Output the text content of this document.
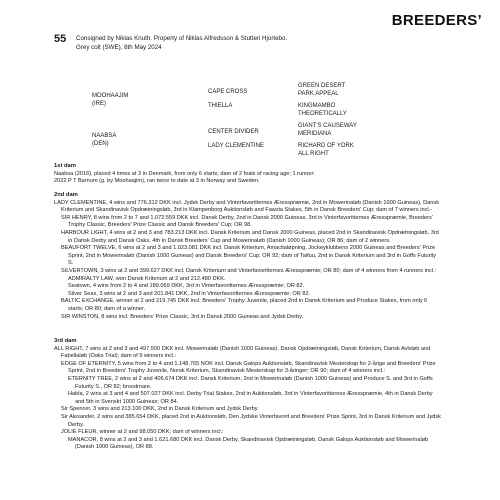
BREEDERS’
55 Consigned by Niklas Knuth. Property of Niklas Alfredsson & Stutteri Hjortebo.
Grey colt (SWE), 8th May 2024
MOOHAAJIM
(IRE)
NAABSA
(DEN)
CAPE CROSS
THIELLA
CENTER DIVIDER
LADY CLEMENTINE
GREEN DESERT
PARK APPEAL
KINGMAMBO
THEORETICALLY
GIANT'S CAUSEWAY
MERIDIANA
RICHARD OF YORK
ALL RIGHT
1st dam

Naabsa (2016), placed 4 times at 3 in Denmark, from only 6 starts; dam of 2 foals of racing age; 1 runner:

2022 P T Barnum (g. by Moohaajim), ran twice to date at 3 in Norway and Sweden.

2nd dam

LADY CLEMENTINE, 4 wins and 776.312 DKK incl. Jydsk Derby and Vinterfavoritternes Æresspræmie, 2nd in Mowerinaløb (Danish 1000 Guineas), Dansk Kriterium and Skandinavisk Opdrætningsløb, 3rd in Klampenborg Auktionsløb and Fawzia Stakes, 5th in Dansk Breeders' Cup; dam of 7 winners incl.-

SIR HENRY, 8 wins from 2 to 7 and 1.072.559 DKK incl. Dansk Derby, 2nd in Dansk 2000 Guineas, 3rd in Vinterfavoritternes Æresspræmie, Breeders' Trophy Classic, Breeders' Prize Classic and Dansk Breeders' Cup; OR 98.

HARBOUR LIGHT, 4 wins at 2 and 3 and 783.213 DKK incl. Dansk Kriterium and Dansk 2000 Guineas, placed 2nd in Skandinavisk Opdrætningsløb, 3rd in Dansk Derby and Dansk Oaks, 4th in Dansk Breeders' Cup and Mowerinaløb (Danish 1000 Guineas); OR 86; dam of 2 winners.

BEAUFORT TWELVE, 6 wins at 2 and 3 and 1.023.081 DKK incl. Dansk Kriterium, Amacitaløpning, Jockeyklubbens 2000 Guineas and Breeders' Prize Sprint, 2nd in Mowerinaløb (Danish 1000 Guineas) and Dansk Breeders' Cup; OR 92; dam of Taifuu, 2nd in Dansk Kriterium and 3rd in Goffs Futurity S.

SILVERTOWN, 3 wins at 2 and 399.627 DKK incl. Dansk Kriterium and Vinterfavoritternes Æresspræmie; OR 80; dam of 4 winners from 4 runners incl.:

ADMIRALTY LAW, won Dansk Kriterium at 2 and 212.480 DKK.

Seatown, 4 wins from 2 to 4 and 189.069 DKK, 3rd in Vinterfavoritternes Æresspræmie; OR 82.

Silver Seas, 3 wins at 2 and 3 and 201.841 DKK, 2nd in Vinterfavoritternes Æresspræmie; OR 82.

BALTIC EXCHANGE, winner at 2 and 219.745 DKK incl. Breeders' Trophy Juvenile, placed 2nd in Dansk Kriterium and Produce Stakes, from only 6 starts; OR 80; dam of a winner.

SIR WINSTON, 8 wins incl. Breeders' Prize Classic, 3rd in Dansk 2000 Guineas and Jydsk Derby.

3rd dam

ALL RIGHT, 7 wins at 2 and 3 and 497.500 DKK incl. Mowerinaløb (Danish 1000 Guineas), Dansk Opdrætningsløb, Dansk Kriterium, Dansk Avlsløb and Fabellaløb (Oaks Trial); dam of 9 winners incl.:

EDGE OF ETERNITY, 5 wins from 2 to 4 and 1.148.765 NOK incl. Dansk Galops Auktionsløb, Skandinavisk Mesterskap for 2-årige and Breeders' Prize Sprint, 2nd in Breeders' Trophy Juvenile, Norsk Kriterium, Skandinavisk Mesterskap for 3-åringer; OR 90; dam of 4 winners incl.:

ETERNITY TREE, 2 wins at 2 and 406.674 DKK incl. Dansk Kriterium, 2nd in Mowerinaløb (Danish 1000 Guineas) and Produce S. and 3rd in Goffs Futurity S., OR 82; broodmare.

Habla, 2 wins at 3 and 4 and 507.027 DKK incl. Derby Trial Stakes, 2nd in Auktionsløb, 3rd in Vinterfavoritternes Æresspræmie, 4th in Dansk Derby and 5th in Svenskt 1000 Guineas; OR 84.

Sir Spencer, 3 wins and 213.100 DKK, 2nd in Dansk Kriterium and Jydsk Derby.

Sir Alexander, 2 wins and 385.654 DKK, placed 2nd in Auktionsløb, Den Jydske Vinterfavorit and Breeders' Prize Sprint, 3rd in Dansk Kriterium and Jydsk Derby.

JOLIE FLEUR, winner at 2 and 98.050 DKK; dam of winners incl.:

MANACOR, 8 wins at 2 and 3 and 1.621.680 DKK incl. Dansk Derby, Skandinavisk Opdrætningsløb, Dansk Galops Auktionsløb and Mowerinaløb (Danish 1000 Guineas), OR 88.
